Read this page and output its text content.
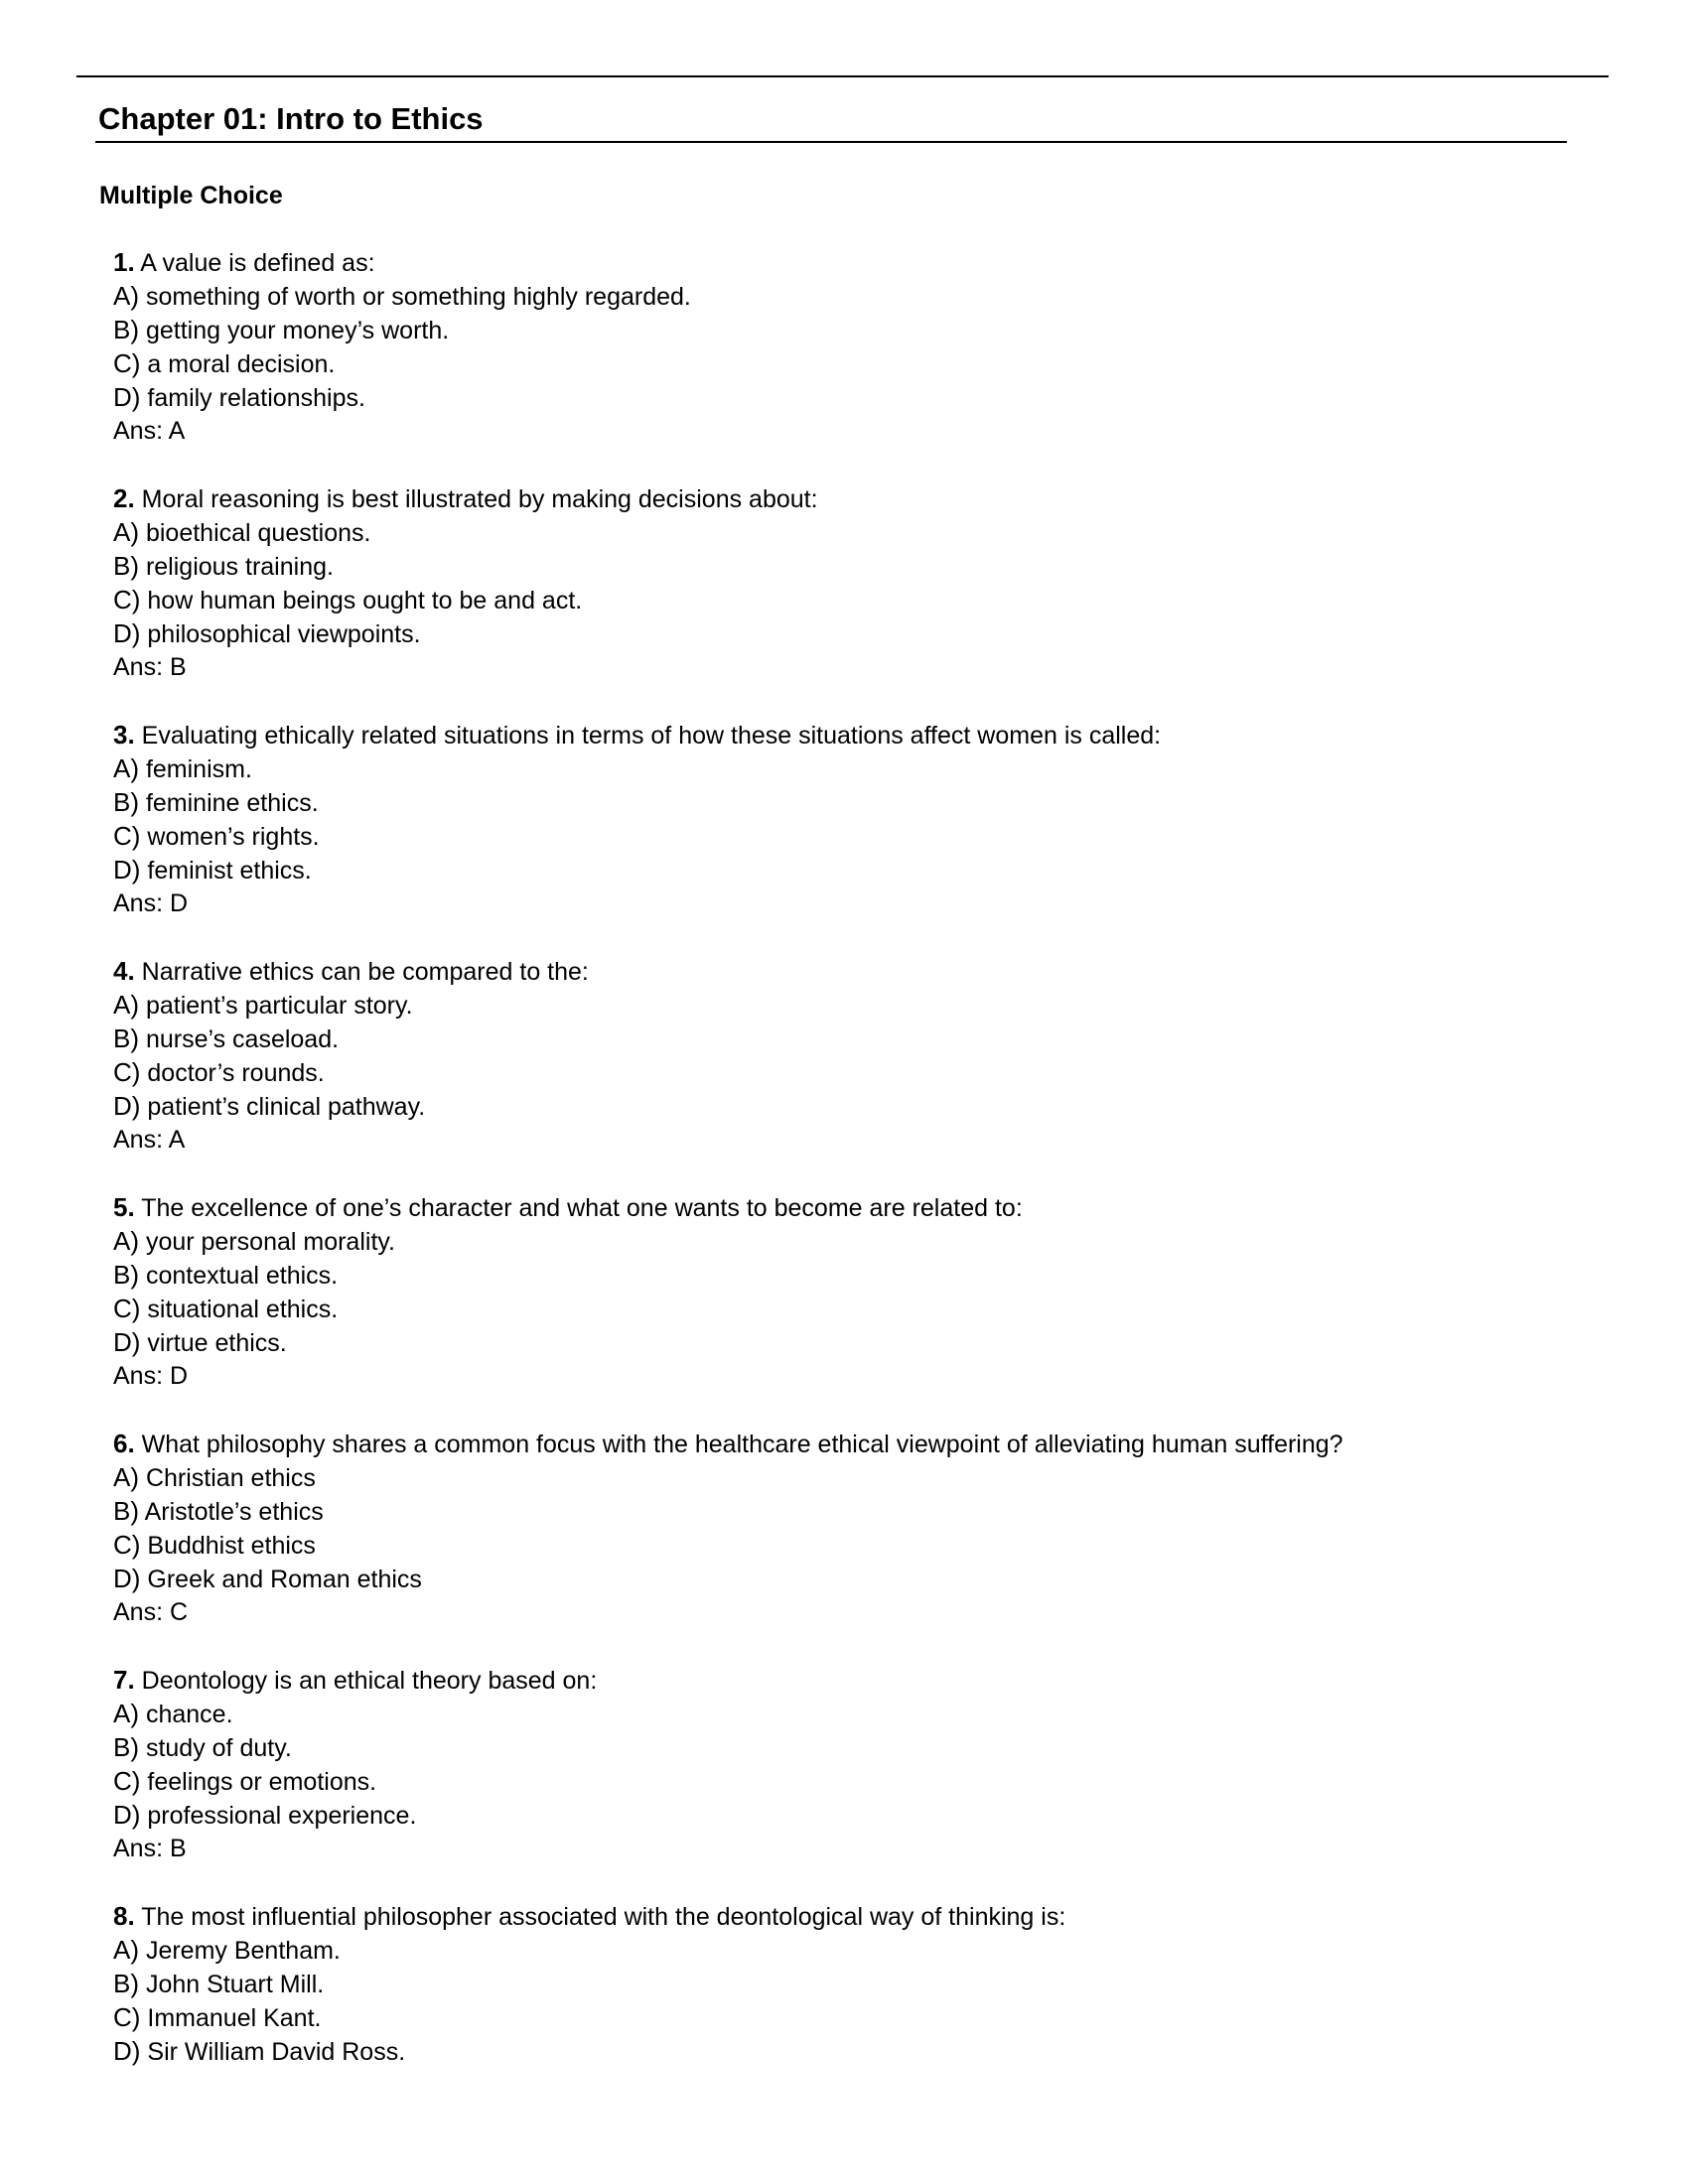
Chapter 01: Intro to Ethics
Multiple Choice
1. A value is defined as:
A) something of worth or something highly regarded.
B) getting your money’s worth.
C) a moral decision.
D) family relationships.
Ans: A
2. Moral reasoning is best illustrated by making decisions about:
A) bioethical questions.
B) religious training.
C) how human beings ought to be and act.
D) philosophical viewpoints.
Ans: B
3. Evaluating ethically related situations in terms of how these situations affect women is called:
A) feminism.
B) feminine ethics.
C) women’s rights.
D) feminist ethics.
Ans: D
4. Narrative ethics can be compared to the:
A) patient’s particular story.
B) nurse’s caseload.
C) doctor’s rounds.
D) patient’s clinical pathway.
Ans: A
5. The excellence of one’s character and what one wants to become are related to:
A) your personal morality.
B) contextual ethics.
C) situational ethics.
D) virtue ethics.
Ans: D
6. What philosophy shares a common focus with the healthcare ethical viewpoint of alleviating human suffering?
A) Christian ethics
B) Aristotle’s ethics
C) Buddhist ethics
D) Greek and Roman ethics
Ans: C
7. Deontology is an ethical theory based on:
A) chance.
B) study of duty.
C) feelings or emotions.
D) professional experience.
Ans: B
8. The most influential philosopher associated with the deontological way of thinking is:
A) Jeremy Bentham.
B) John Stuart Mill.
C) Immanuel Kant.
D) Sir William David Ross.
